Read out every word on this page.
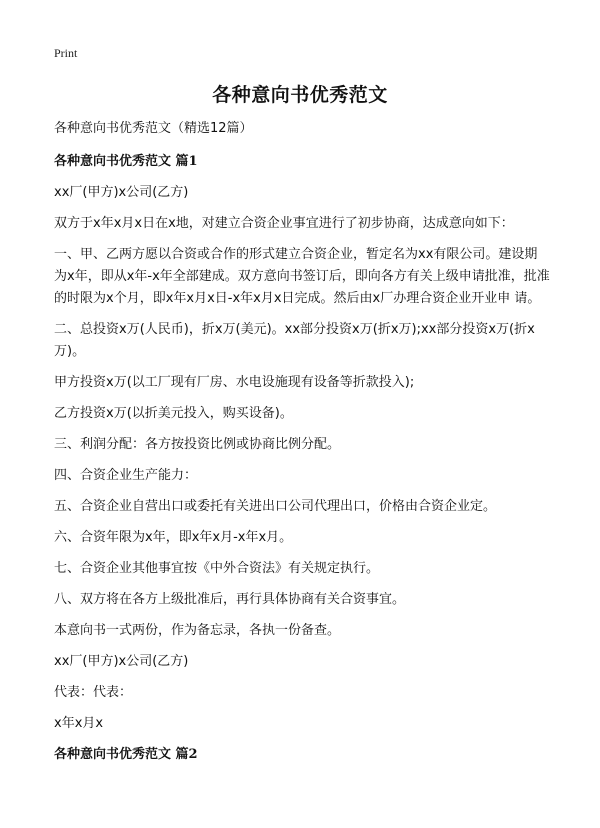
Print
各种意向书优秀范文

各种意向书优秀范文（精选12篇）

各种意向书优秀范文 篇1

xx厂(甲方)x公司(乙方)

双方于x年x月x日在x地，对建立合资企业事宜进行了初步协商，达成意向如下：

一、甲、乙两方愿以合资或合作的形式建立合资企业，暂定名为xx有限公司。建设期为x年，即从x年-x年全部建成。双方意向书签订后，即向各方有关上级申请批准，批准的时限为x个月，即x年x月x日-x年x月x日完成。然后由x厂办理合资企业开业申 请。

二、总投资x万(人民币)，折x万(美元)。xx部分投资x万(折x万);xx部分投资x万(折x万)。

甲方投资x万(以工厂现有厂房、水电设施现有设备等折款投入);

乙方投资x万(以折美元投入，购买设备)。

三、利润分配：各方按投资比例或协商比例分配。

四、合资企业生产能力：

五、合资企业自营出口或委托有关进出口公司代理出口，价格由合资企业定。

六、合资年限为x年，即x年x月-x年x月。

七、合资企业其他事宜按《中外合资法》有关规定执行。

八、双方将在各方上级批准后，再行具体协商有关合资事宜。

本意向书一式两份，作为备忘录，各执一份备查。

xx厂(甲方)x公司(乙方)

代表：代表：

x年x月x

各种意向书优秀范文 篇2
